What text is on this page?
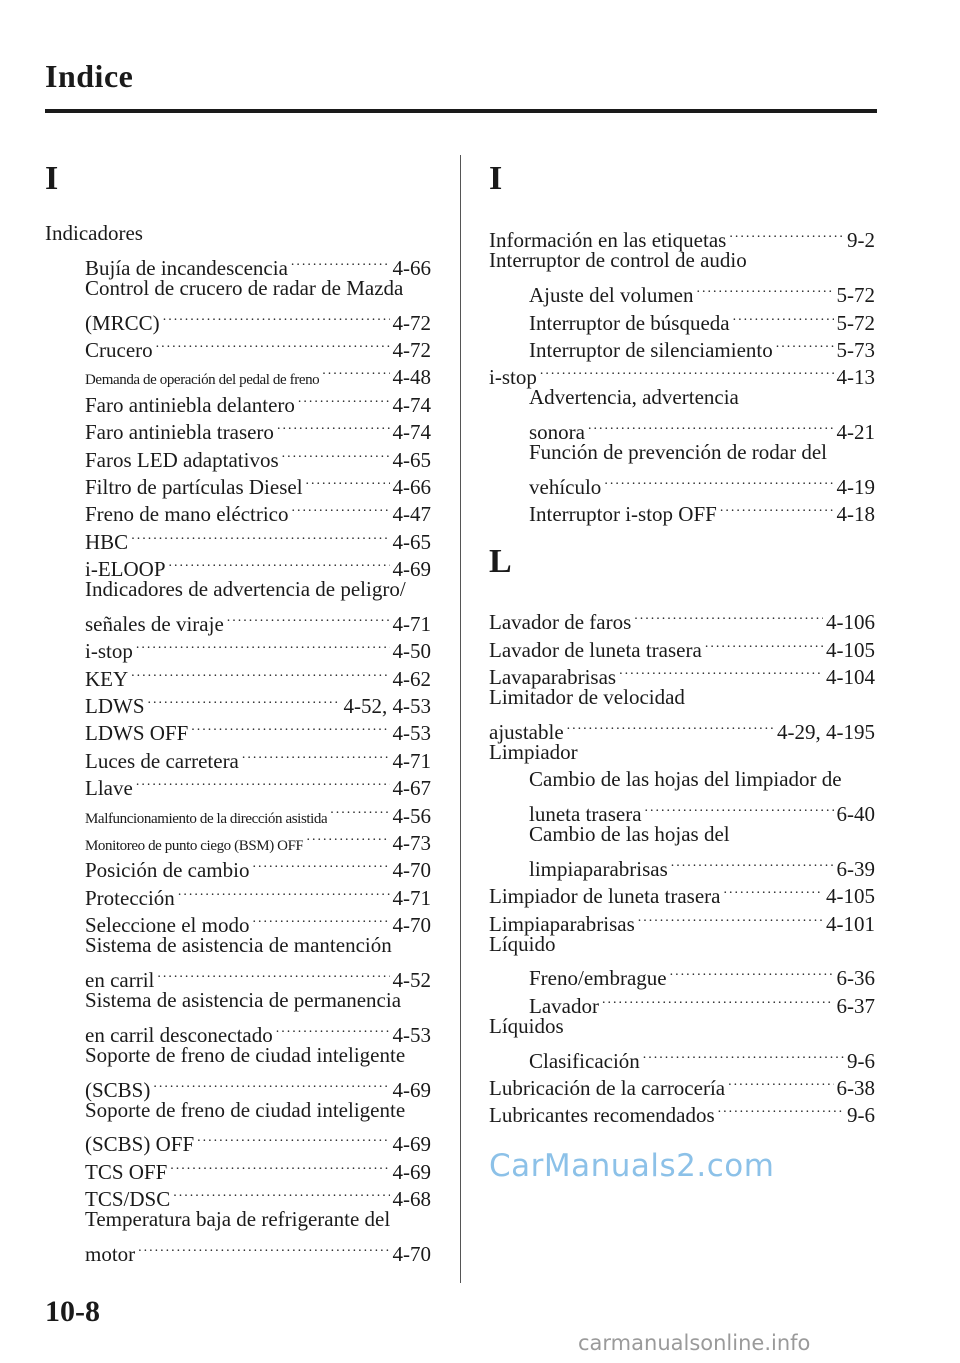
Indice
I
Indicadores
Bujía de incandescencia .....	4-66
Control de crucero de radar de Mazda
(MRCC) .....	4-72
Crucero .....	4-72
Demanda de operación del pedal de freno .....	4-48
Faro antiniebla delantero .....	4-74
Faro antiniebla trasero .....	4-74
Faros LED adaptativos .....	4-65
Filtro de partículas Diesel .....	4-66
Freno de mano eléctrico .....	4-47
HBC .....	4-65
i-ELOOP .....	4-69
Indicadores de advertencia de peligro/
señales de viraje .....	4-71
i-stop .....	4-50
KEY .....	4-62
LDWS .....	4-52, 4-53
LDWS OFF .....	4-53
Luces de carretera .....	4-71
Llave .....	4-67
Malfuncionamiento de la dirección asistida .....	4-56
Monitoreo de punto ciego (BSM) OFF .....	4-73
Posición de cambio .....	4-70
Protección .....	4-71
Seleccione el modo .....	4-70
Sistema de asistencia de mantención
en carril .....	4-52
Sistema de asistencia de permanencia
en carril desconectado .....	4-53
Soporte de freno de ciudad inteligente
(SCBS) .....	4-69
Soporte de freno de ciudad inteligente
(SCBS) OFF .....	4-69
TCS OFF .....	4-69
TCS/DSC .....	4-68
Temperatura baja de refrigerante del
motor .....	4-70
I
Información en las etiquetas .....	9-2
Interruptor de control de audio
Ajuste del volumen .....	5-72
Interruptor de búsqueda .....	5-72
Interruptor de silenciamiento .....	5-73
i-stop .....	4-13
Advertencia, advertencia
sonora .....	4-21
Función de prevención de rodar del
vehículo .....	4-19
Interruptor i-stop OFF .....	4-18
L
Lavador de faros .....	4-106
Lavador de luneta trasera .....	4-105
Lavaparabrisas .....	4-104
Limitador de velocidad
ajustable .....	4-29, 4-195
Limpiador
Cambio de las hojas del limpiador de
luneta trasera .....	6-40
Cambio de las hojas del
limpiaparabrisas .....	6-39
Limpiador de luneta trasera .....	4-105
Limpiaparabrisas .....	4-101
Líquido
Freno/embrague .....	6-36
Lavador .....	6-37
Líquidos
Clasificación .....	9-6
Lubricación de la carrocería .....	6-38
Lubricantes recomendados .....	9-6
CarManuals2.com
10-8
carmanualsonline.info
